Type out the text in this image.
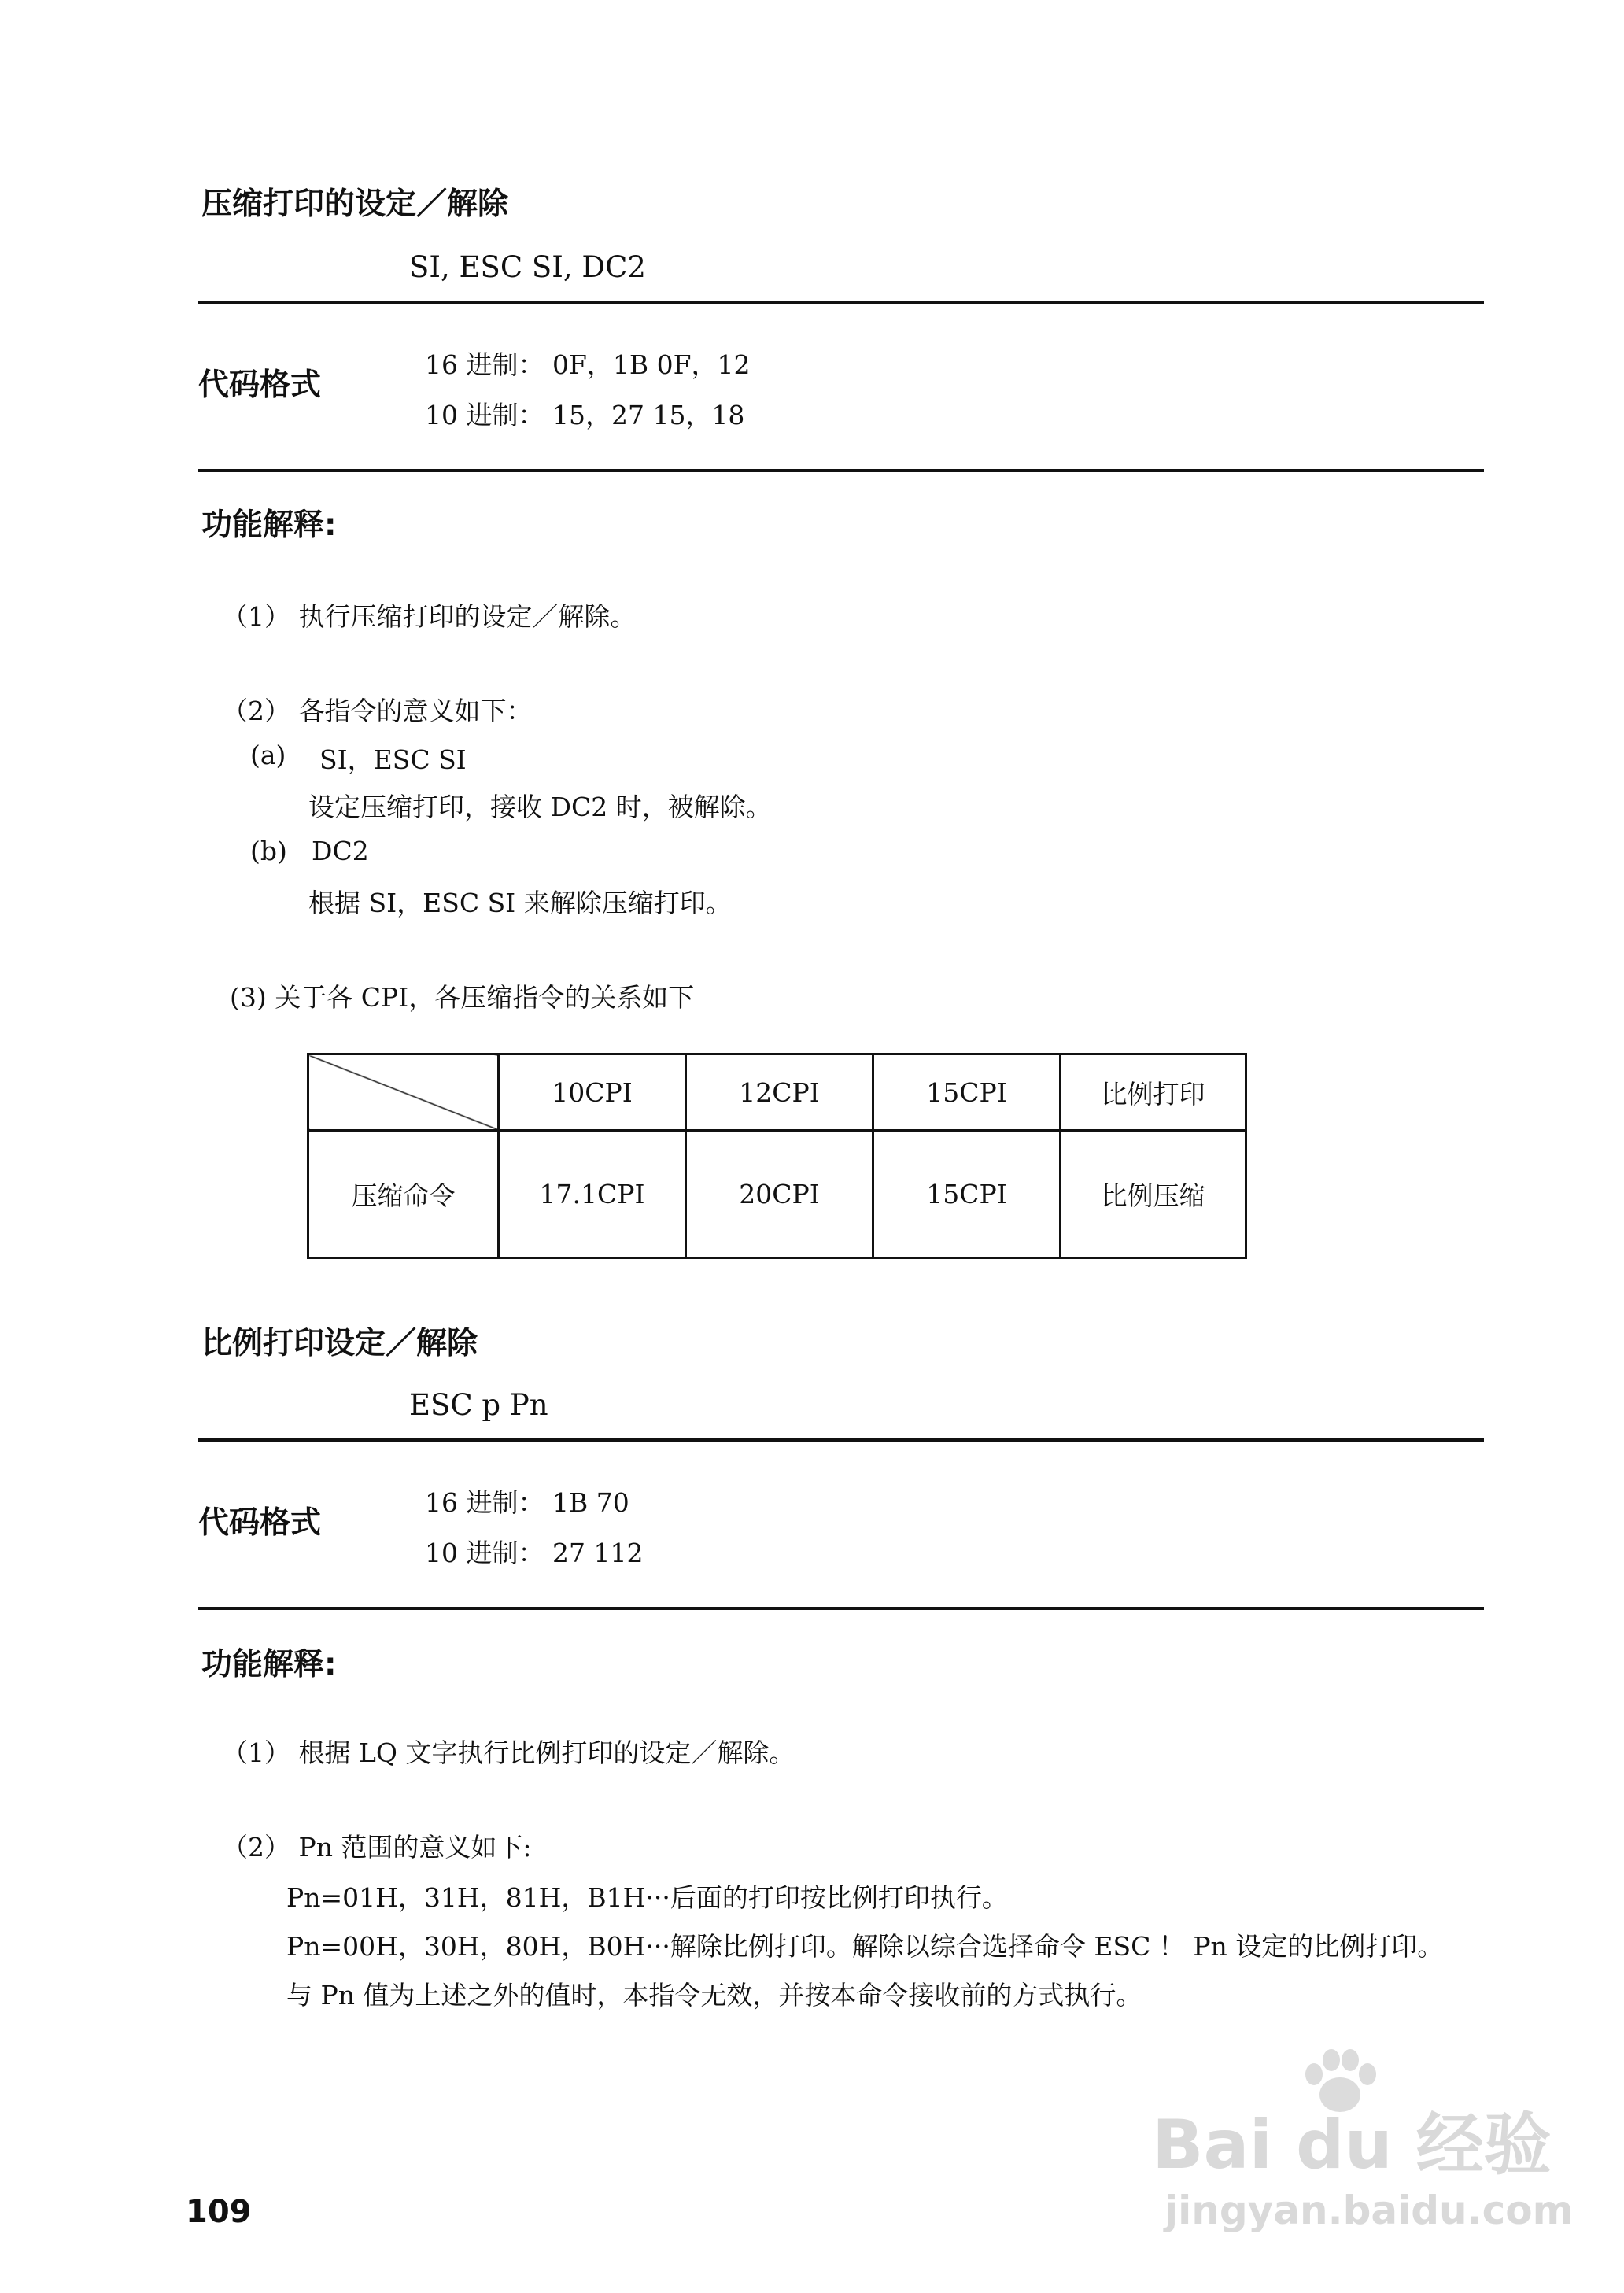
压缩打印的设定／解除
SI, ESC SI, DC2
代码格式
16 进制： 0F，1B 0F，12
10 进制： 15，27 15，18
功能解释:
（1） 执行压缩打印的设定／解除。
（2） 各指令的意义如下：
(a) SI，ESC SI
设定压缩打印，接收 DC2 时，被解除。
(b) DC2
根据 SI，ESC SI 来解除压缩打印。
(3) 关于各 CPI，各压缩指令的关系如下
	10CPI	12CPI	15CPI	比例打印
压缩命令	17.1CPI	20CPI	15CPI	比例压缩
比例打印设定／解除
ESC p Pn
代码格式
16 进制： 1B 70
10 进制： 27 112
功能解释:
（1） 根据 LQ 文字执行比例打印的设定／解除。
（2） Pn 范围的意义如下:
Pn=01H，31H，81H，B1H···后面的打印按比例打印执行。
Pn=00H，30H，80H，B0H···解除比例打印。解除以综合选择命令 ESC ！ Pn 设定的比例打印。
与 Pn 值为上述之外的值时，本指令无效，并按本命令接收前的方式执行。
109
Bai du 经验
jingyan.baidu.com
